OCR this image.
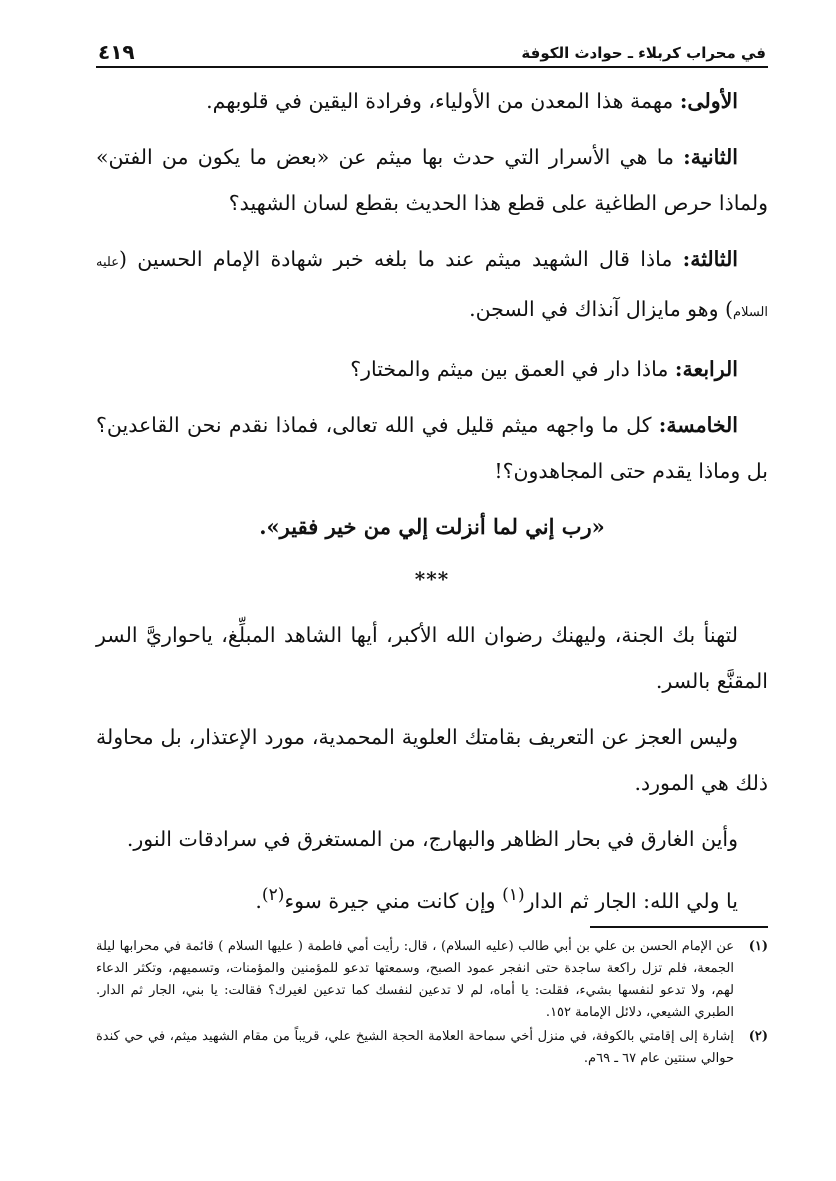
في محراب كربلاء ـ حوادث الكوفة
٤١٩

الأولى: مهمة هذا المعدن من الأولياء، وفرادة اليقين في قلوبهم.

الثانية: ما هي الأسرار التي حدث بها ميثم عن «بعض ما يكون من الفتن» ولماذا حرص الطاغية على قطع هذا الحديث بقطع لسان الشهيد؟

الثالثة: ماذا قال الشهيد ميثم عند ما بلغه خبر شهادة الإمام الحسين (عليه السلام) وهو مايزال آنذاك في السجن.

الرابعة: ماذا دار في العمق بين ميثم والمختار؟

الخامسة: كل ما واجهه ميثم قليل في الله تعالى، فماذا نقدم نحن القاعدين؟ بل وماذا يقدم حتى المجاهدون؟!

«رب إني لما أنزلت إلي من خير فقير».

***

لتهنأ بك الجنة، وليهنك رضوان الله الأكبر، أيها الشاهد المبلِّغ، ياحواريَّ السر المقنَّع بالسر.

وليس العجز عن التعريف بقامتك العلوية المحمدية، مورد الإعتذار، بل محاولة ذلك هي المورد.

وأين الغارق في بحار الظاهر والبهارج، من المستغرق في سرادقات النور.

يا ولي الله: الجار ثم الدار$^{(١)}$ وإن كانت مني جيرة سوء$^{(٢)}$.

(١)
عن الإمام الحسن بن علي بن أبي طالب (عليه السلام) ، قال: رأيت أمي فاطمة ( عليها السلام ) قائمة في محرابها ليلة الجمعة، فلم تزل راكعة ساجدة حتى انفجر عمود الصبح، وسمعتها تدعو للمؤمنين والمؤمنات، وتسميهم، وتكثر الدعاء لهم، ولا تدعو لنفسها بشيء، فقلت: يا أماه، لم لا تدعين لنفسك كما تدعين لغيرك؟ فقالت: يا بني، الجار ثم الدار. الطبري الشيعي، دلائل الإمامة ١٥٢.
(٢)
إشارة إلى إقامتي بالكوفة، في منزل أخي سماحة العلامة الحجة الشيخ علي، قريباً من مقام الشهيد ميثم، في حي كندة حوالي سنتين عام ٦٧ ـ ٦٩م.
